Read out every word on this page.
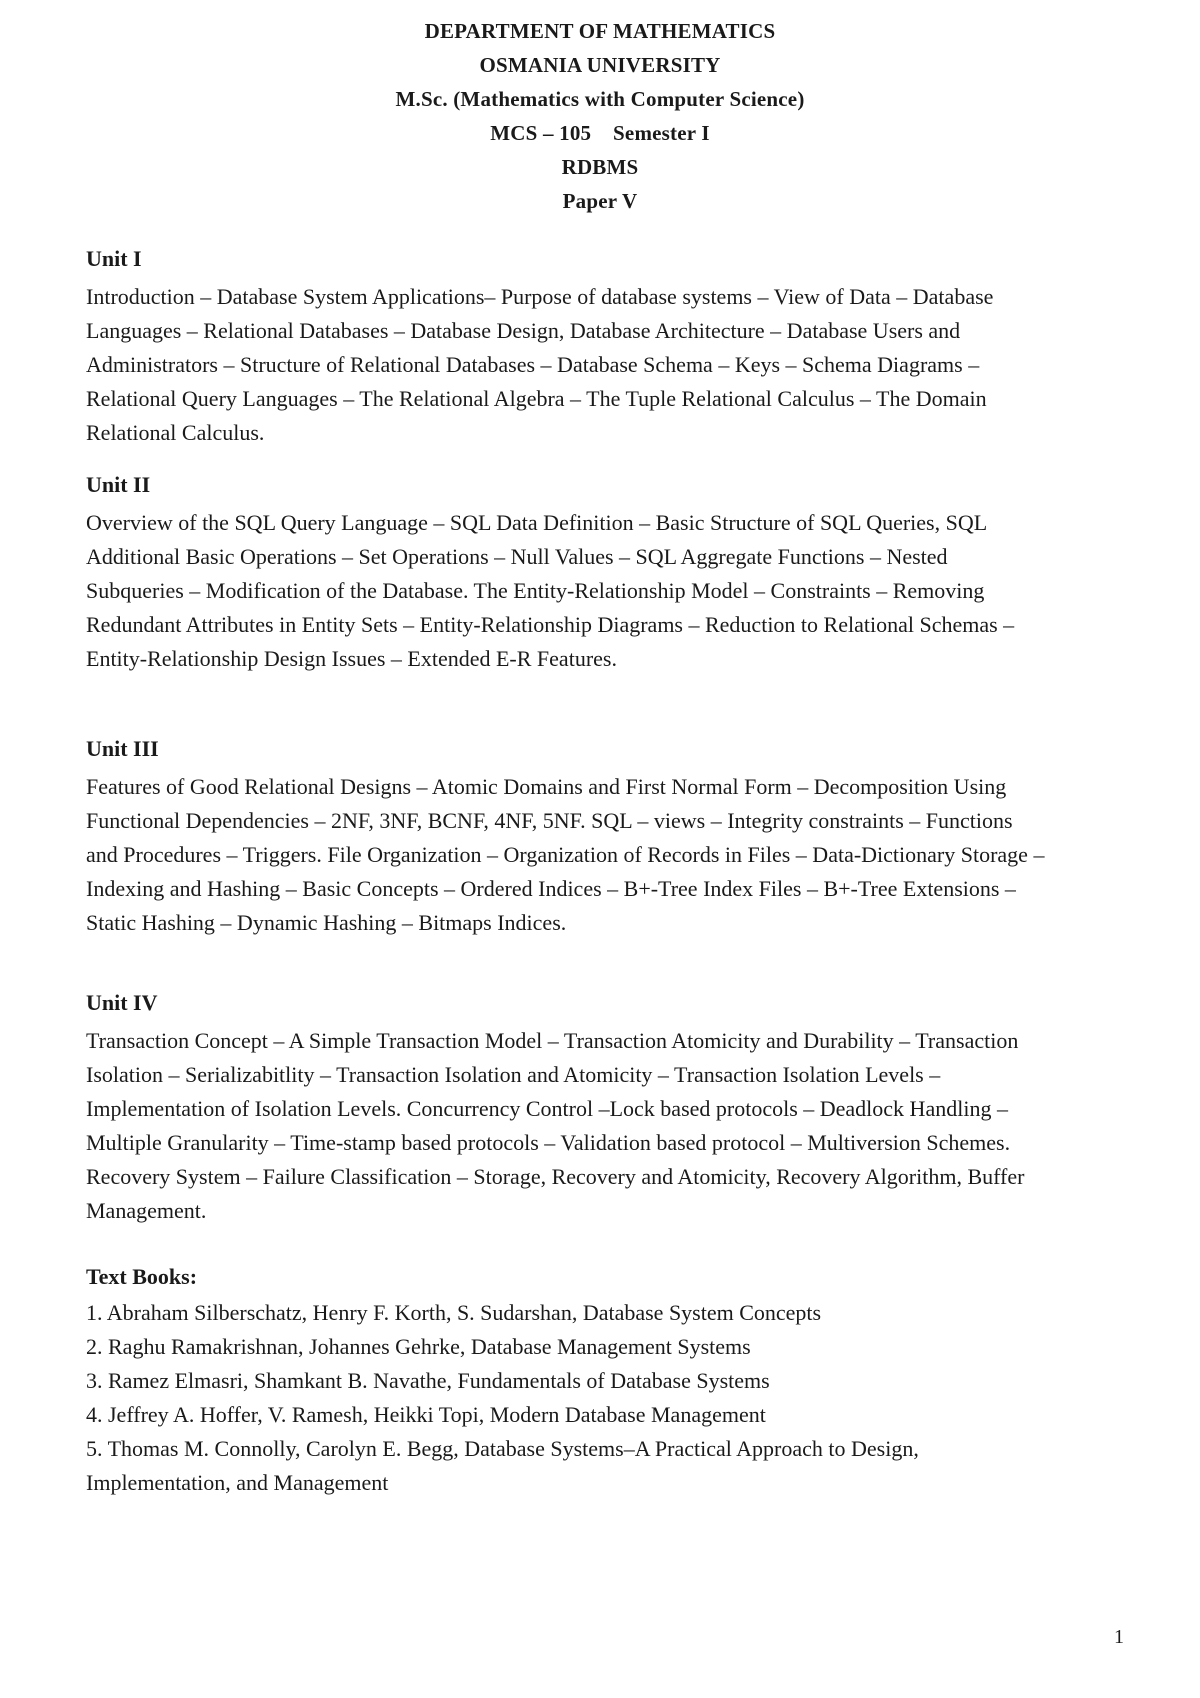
DEPARTMENT OF MATHEMATICS
OSMANIA UNIVERSITY
M.Sc. (Mathematics with Computer Science)
MCS – 105    Semester I
RDBMS
Paper V
Unit I

Introduction – Database System Applications– Purpose of database systems – View of Data – Database Languages – Relational Databases – Database Design, Database Architecture – Database Users and Administrators – Structure of Relational Databases – Database Schema – Keys – Schema Diagrams – Relational Query Languages – The Relational Algebra – The Tuple Relational Calculus – The Domain Relational Calculus.

Unit II

Overview of the SQL Query Language – SQL Data Definition – Basic Structure of SQL Queries, SQL Additional Basic Operations – Set Operations – Null Values – SQL Aggregate Functions – Nested Subqueries – Modification of the Database. The Entity-Relationship Model – Constraints – Removing Redundant Attributes in Entity Sets – Entity-Relationship Diagrams – Reduction to Relational Schemas – Entity-Relationship Design Issues – Extended E-R Features.

Unit III

Features of Good Relational Designs – Atomic Domains and First Normal Form – Decomposition Using Functional Dependencies – 2NF, 3NF, BCNF, 4NF, 5NF. SQL – views – Integrity constraints – Functions and Procedures – Triggers. File Organization – Organization of Records in Files – Data-Dictionary Storage – Indexing and Hashing – Basic Concepts – Ordered Indices – B+-Tree Index Files – B+-Tree Extensions – Static Hashing – Dynamic Hashing – Bitmaps Indices.

Unit IV

Transaction Concept – A Simple Transaction Model – Transaction Atomicity and Durability – Transaction Isolation – Serializabitlity – Transaction Isolation and Atomicity – Transaction Isolation Levels – Implementation of Isolation Levels. Concurrency Control –Lock based protocols – Deadlock Handling – Multiple Granularity – Time-stamp based protocols – Validation based protocol – Multiversion Schemes. Recovery System – Failure Classification – Storage, Recovery and Atomicity, Recovery Algorithm, Buffer Management.

Text Books:
1. Abraham Silberschatz, Henry F. Korth, S. Sudarshan, Database System Concepts
2. Raghu Ramakrishnan, Johannes Gehrke, Database Management Systems
3. Ramez Elmasri, Shamkant B. Navathe, Fundamentals of Database Systems
4. Jeffrey A. Hoffer, V. Ramesh, Heikki Topi, Modern Database Management
5. Thomas M. Connolly, Carolyn E. Begg, Database Systems–A Practical Approach to Design, Implementation, and Management
1
